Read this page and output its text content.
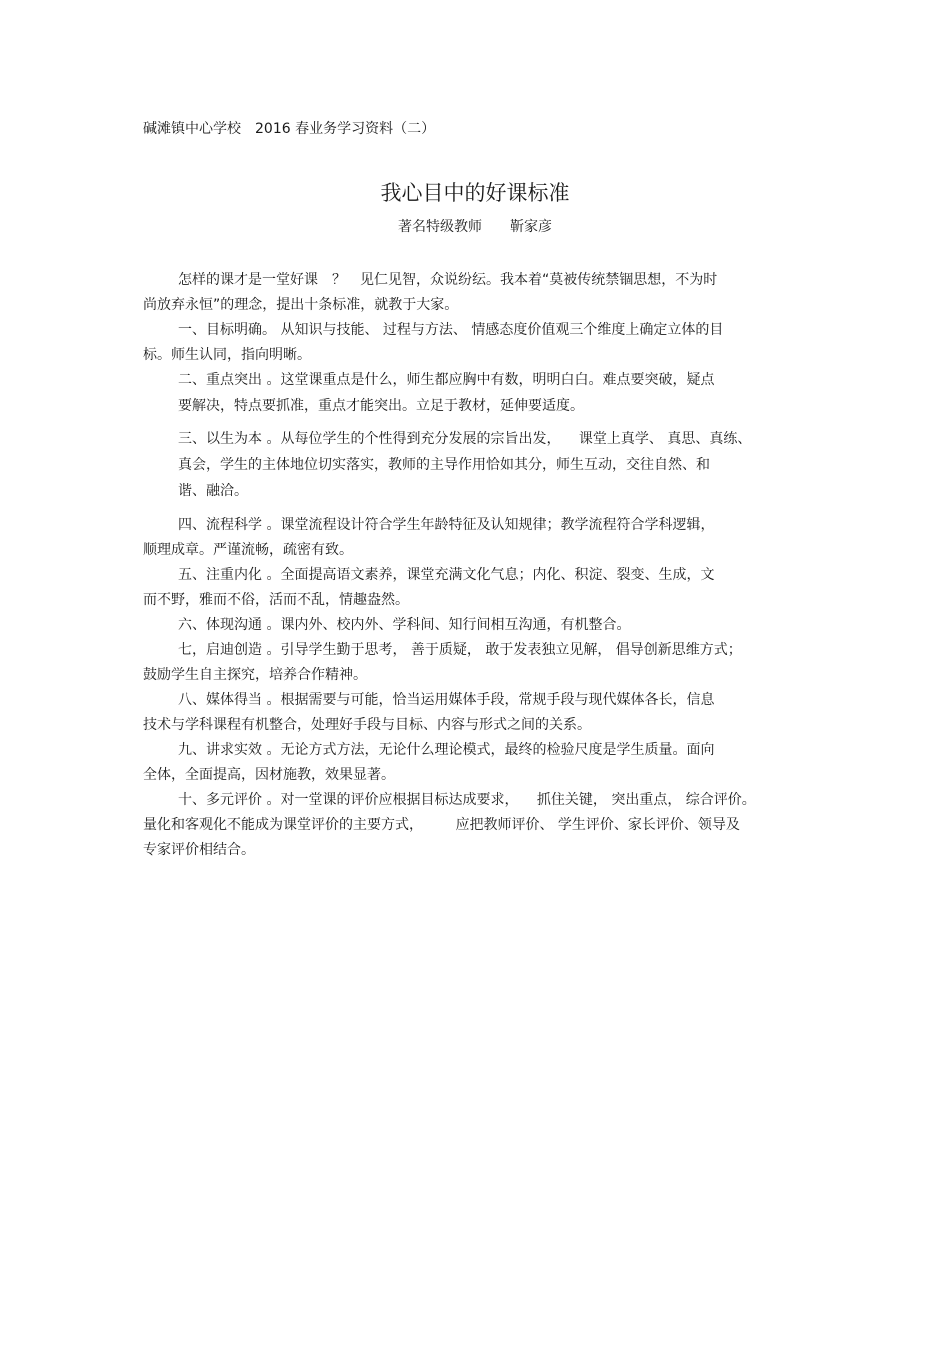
碱滩镇中心学校　2016 春业务学习资料（二）
我心目中的好课标准
著名特级教师　　靳家彦
怎样的课才是一堂好课　？　见仁见智，众说纷纭。我本着“莫被传统禁锢思想，不为时
尚放弃永恒”的理念，提出十条标准，就教于大家。
一、目标明确。 从知识与技能、 过程与方法、 情感态度价值观三个维度上确定立体的目
标。师生认同，指向明晰。
二、重点突出 。这堂课重点是什么，师生都应胸中有数，明明白白。难点要突破，疑点
要解决，特点要抓准，重点才能突出。立足于教材，延伸要适度。
三、以生为本 。从每位学生的个性得到充分发展的宗旨出发， 　课堂上真学、 真思、真练、
真会，学生的主体地位切实落实，教师的主导作用恰如其分，师生互动，交往自然、和
谐、融洽。
四、流程科学 。课堂流程设计符合学生年龄特征及认知规律；教学流程符合学科逻辑，
顺理成章。严谨流畅，疏密有致。
五、注重内化 。全面提高语文素养，课堂充满文化气息；内化、积淀、裂变、生成，文
而不野，雅而不俗，活而不乱，情趣盎然。
六、体现沟通 。课内外、校内外、学科间、知行间相互沟通，有机整合。
七，启迪创造 。引导学生勤于思考， 善于质疑， 敢于发表独立见解， 倡导创新思维方式；
鼓励学生自主探究，培养合作精神。
八、媒体得当 。根据需要与可能，恰当运用媒体手段，常规手段与现代媒体各长，信息
技术与学科课程有机整合，处理好手段与目标、内容与形式之间的关系。
九、讲求实效 。无论方式方法，无论什么理论模式，最终的检验尺度是学生质量。面向
全体，全面提高，因材施教，效果显著。
十、多元评价 。对一堂课的评价应根据目标达成要求， 　抓住关键， 突出重点， 综合评价。
量化和客观化不能成为课堂评价的主要方式， 　　应把教师评价、 学生评价、家长评价、领导及
专家评价相结合。
